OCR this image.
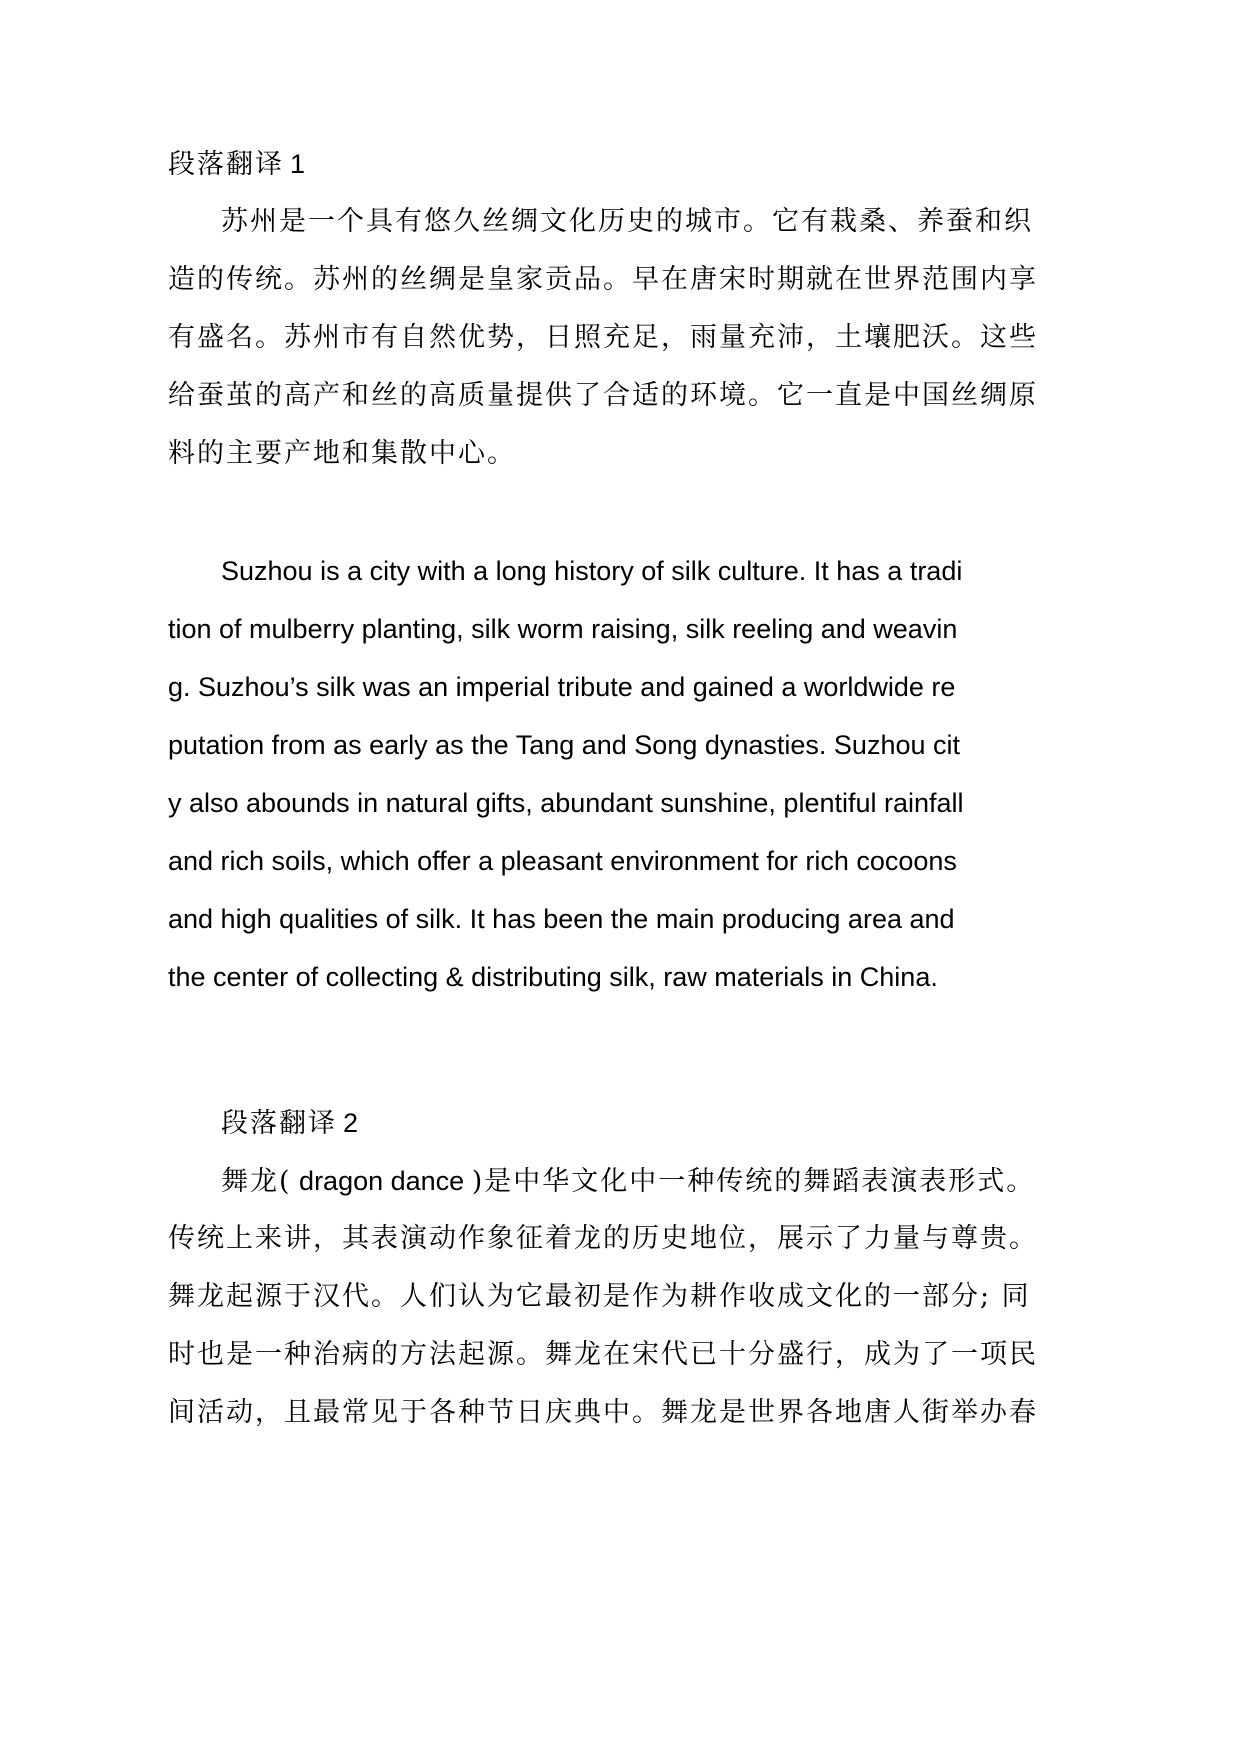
段落翻译 1
苏州是一个具有悠久丝绸文化历史的城市。它有栽桑、养蚕和织
造的传统。苏州的丝绸是皇家贡品。早在唐宋时期就在世界范围内享
有盛名。苏州市有自然优势，日照充足，雨量充沛，土壤肥沃。这些
给蚕茧的高产和丝的高质量提供了合适的环境。它一直是中国丝绸原
料的主要产地和集散中心。
Suzhou is a city with a long history of silk culture. It has a tradi
tion of mulberry planting, silk worm raising, silk reeling and weavin
g. Suzhou’s silk was an imperial tribute and gained a worldwide re
putation from as early as the Tang and Song dynasties. Suzhou cit
y also abounds in natural gifts, abundant sunshine, plentiful rainfall
and rich soils, which offer a pleasant environment for rich cocoons
and high qualities of silk. It has been the main producing area and
the center of collecting & distributing silk, raw materials in China.
段落翻译 2
舞龙( dragon dance )是中华文化中一种传统的舞蹈表演表形式。
传统上来讲，其表演动作象征着龙的历史地位，展示了力量与尊贵。
舞龙起源于汉代。人们认为它最初是作为耕作收成文化的一部分; 同
时也是一种治病的方法起源。舞龙在宋代已十分盛行，成为了一项民
间活动，且最常见于各种节日庆典中。舞龙是世界各地唐人街举办春
